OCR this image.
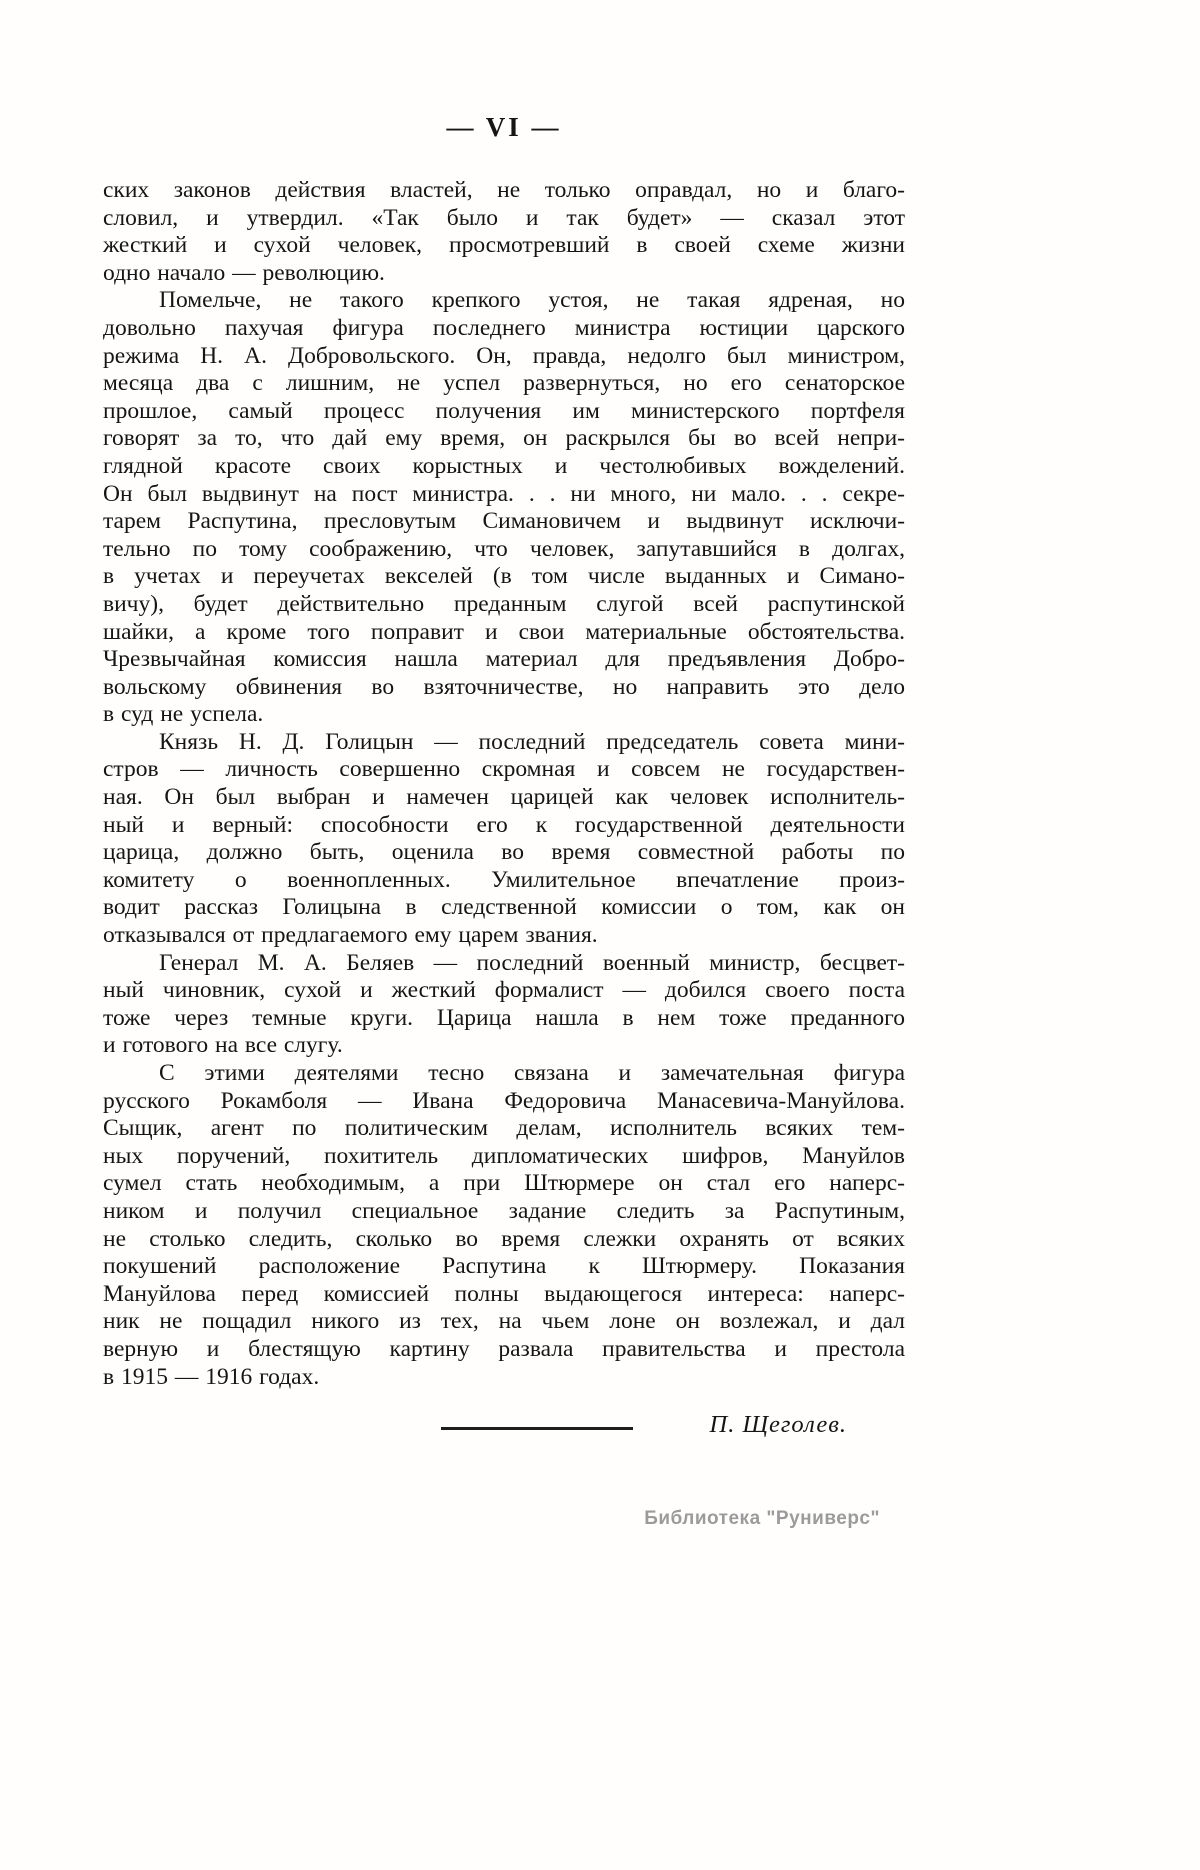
— VI —
ских законов действия властей, не только оправдал, но и благо-
словил, и утвердил. «Так было и так будет» — сказал этот
жесткий и сухой человек, просмотревший в своей схеме жизни
одно начало — революцию.
Помельче, не такого крепкого устоя, не такая ядреная, но
довольно пахучая фигура последнего министра юстиции царского
режима Н. А. Добровольского. Он, правда, недолго был министром,
месяца два с лишним, не успел развернуться, но его сенаторское
прошлое, самый процесс получения им министерского портфеля
говорят за то, что дай ему время, он раскрылся бы во всей непри-
глядной красоте своих корыстных и честолюбивых вожделений.
Он был выдвинут на пост министра. . . ни много, ни мало. . . секре-
тарем Распутина, пресловутым Симановичем и выдвинут исключи-
тельно по тому соображению, что человек, запутавшийся в долгах,
в учетах и переучетах векселей (в том числе выданных и Симано-
вичу), будет действительно преданным слугой всей распутинской
шайки, а кроме того поправит и свои материальные обстоятельства.
Чрезвычайная комиссия нашла материал для предъявления Добро-
вольскому обвинения во взяточничестве, но направить это дело
в суд не успела.
Князь Н. Д. Голицын — последний председатель совета мини-
стров — личность совершенно скромная и совсем не государствен-
ная. Он был выбран и намечен царицей как человек исполнитель-
ный и верный: способности его к государственной деятельности
царица, должно быть, оценила во время совместной работы по
комитету о военнопленных. Умилительное впечатление произ-
водит рассказ Голицына в следственной комиссии о том, как он
отказывался от предлагаемого ему царем звания.
Генерал М. А. Беляев — последний военный министр, бесцвет-
ный чиновник, сухой и жесткий формалист — добился своего поста
тоже через темные круги. Царица нашла в нем тоже преданного
и готового на все слугу.
С этими деятелями тесно связана и замечательная фигура
русского Рокамболя — Ивана Федоровича Манасевича-Мануйлова.
Сыщик, агент по политическим делам, исполнитель всяких тем-
ных поручений, похититель дипломатических шифров, Мануйлов
сумел стать необходимым, а при Штюрмере он стал его наперс-
ником и получил специальное задание следить за Распутиным,
не столько следить, сколько во время слежки охранять от всяких
покушений расположение Распутина к Штюрмеру. Показания
Мануйлова перед комиссией полны выдающегося интереса: наперс-
ник не пощадил никого из тех, на чьем лоне он возлежал, и дал
верную и блестящую картину развала правительства и престола
в 1915 — 1916 годах.
П. Щеголев.
Библиотека "Руниверс"
